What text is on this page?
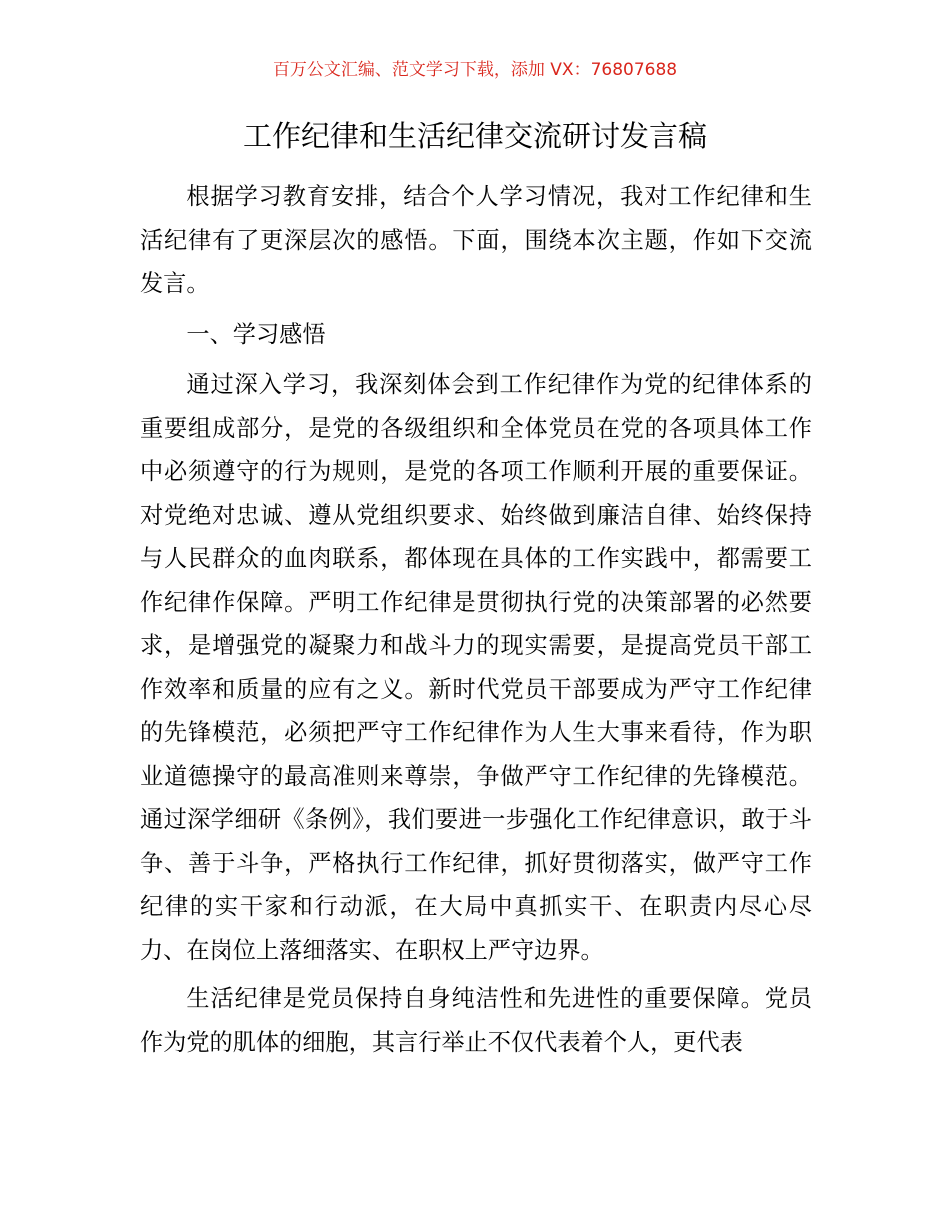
百万公文汇编、范文学习下载，添加 VX：76807688
工作纪律和生活纪律交流研讨发言稿

根据学习教育安排，结合个人学习情况，我对工作纪律和生活纪律有了更深层次的感悟。下面，围绕本次主题，作如下交流发言。

一、学习感悟

通过深入学习，我深刻体会到工作纪律作为党的纪律体系的重要组成部分，是党的各级组织和全体党员在党的各项具体工作中必须遵守的行为规则，是党的各项工作顺利开展的重要保证。对党绝对忠诚、遵从党组织要求、始终做到廉洁自律、始终保持与人民群众的血肉联系，都体现在具体的工作实践中，都需要工作纪律作保障。严明工作纪律是贯彻执行党的决策部署的必然要求，是增强党的凝聚力和战斗力的现实需要，是提高党员干部工作效率和质量的应有之义。新时代党员干部要成为严守工作纪律的先锋模范，必须把严守工作纪律作为人生大事来看待，作为职业道德操守的最高准则来尊崇，争做严守工作纪律的先锋模范。通过深学细研《条例》，我们要进一步强化工作纪律意识，敢于斗争、善于斗争，严格执行工作纪律，抓好贯彻落实，做严守工作纪律的实干家和行动派，在大局中真抓实干、在职责内尽心尽力、在岗位上落细落实、在职权上严守边界。

生活纪律是党员保持自身纯洁性和先进性的重要保障。党员作为党的肌体的细胞，其言行举止不仅代表着个人，更代表
